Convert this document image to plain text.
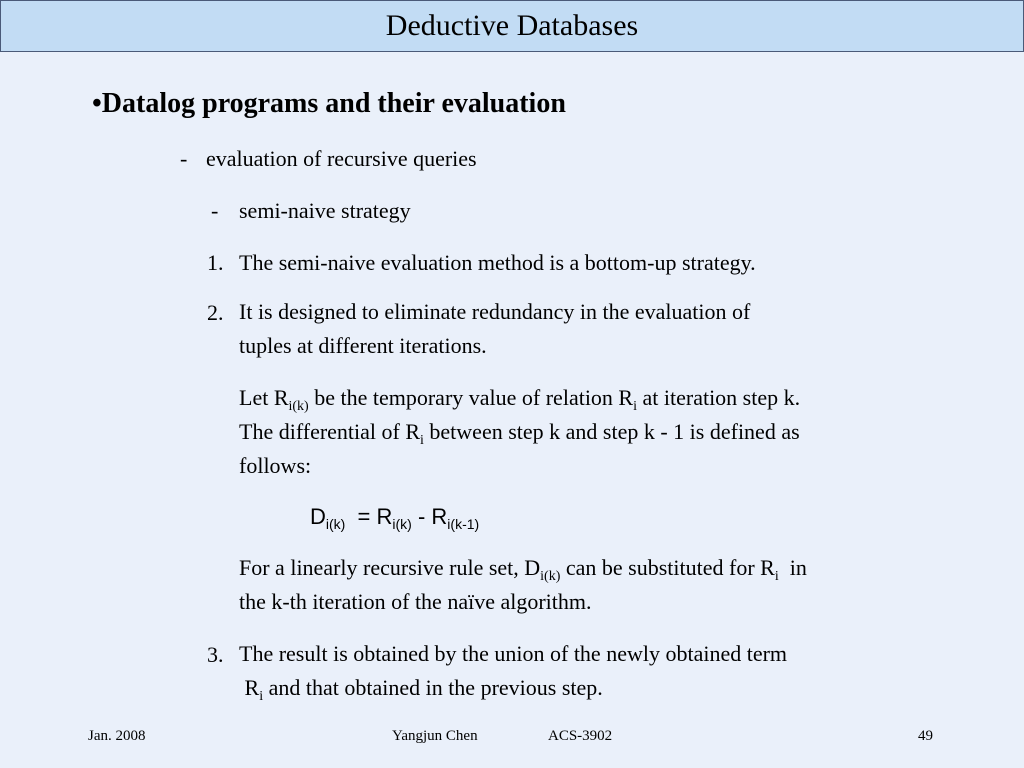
Deductive Databases
•Datalog programs and their evaluation
- evaluation of recursive queries
- semi-naive strategy
1. The semi-naive evaluation method is a bottom-up strategy.
2. It is designed to eliminate redundancy in the evaluation of
tuples at different iterations.
Let $R_{i(k)}$ be the temporary value of relation $R_i$ at iteration step k.
The differential of $R_i$ between step k and step k - 1 is defined as
follows:
$D_{i(k)} = R_{i(k)} - R_{i(k-1)}$
For a linearly recursive rule set, $D_{i(k)}$ can be substituted for $R_i$  in
the k-th iteration of the naïve algorithm.
3. The result is obtained by the union of the newly obtained term
$R_i$ and that obtained in the previous step.
Jan. 2008	Yangjun Chen	ACS-3902	49
